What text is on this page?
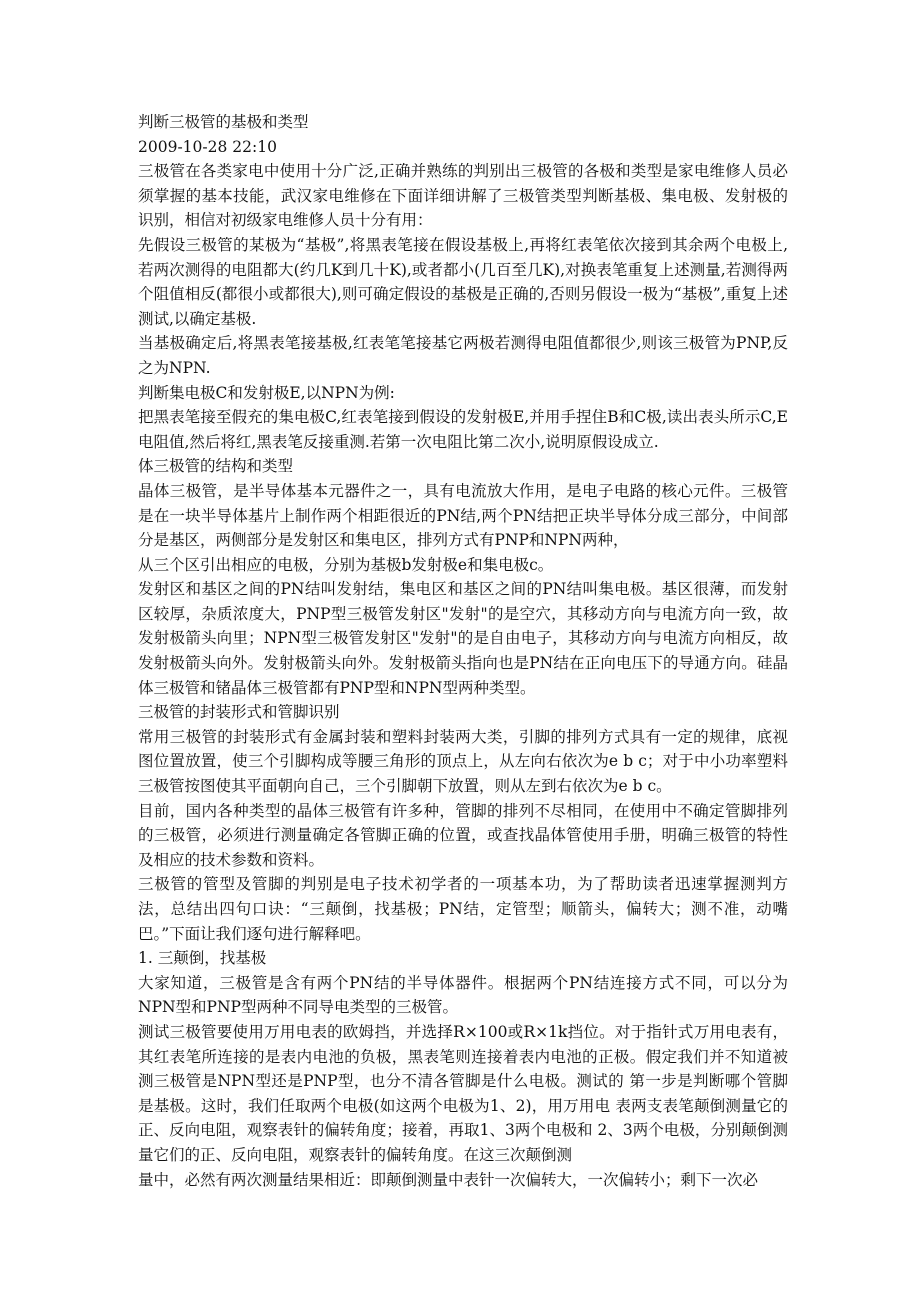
判断三极管的基极和类型

2009-10-28 22:10

三极管在各类家电中使用十分广泛,正确并熟练的判别出三极管的各极和类型是家电维修人员必须掌握的基本技能，武汉家电维修在下面详细讲解了三极管类型判断基极、集电极、发射极的识别，相信对初级家电维修人员十分有用：

先假设三极管的某极为“基极”,将黑表笔接在假设基极上,再将红表笔依次接到其余两个电极上,若两次测得的电阻都大(约几K到几十K),或者都小(几百至几K),对换表笔重复上述测量,若测得两个阻值相反(都很小或都很大),则可确定假设的基极是正确的,否则另假设一极为“基极”,重复上述测试,以确定基极.

当基极确定后,将黑表笔接基极,红表笔笔接基它两极若测得电阻值都很少,则该三极管为PNP,反之为NPN.

判断集电极C和发射极E,以NPN为例:

把黑表笔接至假充的集电极C,红表笔接到假设的发射极E,并用手捏住B和C极,读出表头所示C,E电阻值,然后将红,黑表笔反接重测.若第一次电阻比第二次小,说明原假设成立.

体三极管的结构和类型

晶体三极管，是半导体基本元器件之一，具有电流放大作用，是电子电路的核心元件。三极管是在一块半导体基片上制作两个相距很近的PN结,两个PN结把正块半导体分成三部分，中间部分是基区，两侧部分是发射区和集电区，排列方式有PNP和NPN两种，

从三个区引出相应的电极，分别为基极b发射极e和集电极c。

发射区和基区之间的PN结叫发射结，集电区和基区之间的PN结叫集电极。基区很薄，而发射区较厚，杂质浓度大，PNP型三极管发射区"发射"的是空穴，其移动方向与电流方向一致，故发射极箭头向里；NPN型三极管发射区"发射"的是自由电子，其移动方向与电流方向相反，故发射极箭头向外。发射极箭头向外。发射极箭头指向也是PN结在正向电压下的导通方向。硅晶体三极管和锗晶体三极管都有PNP型和NPN型两种类型。

三极管的封装形式和管脚识别

常用三极管的封装形式有金属封装和塑料封装两大类，引脚的排列方式具有一定的规律，底视图位置放置，使三个引脚构成等腰三角形的顶点上，从左向右依次为e b c；对于中小功率塑料三极管按图使其平面朝向自己，三个引脚朝下放置，则从左到右依次为e b c。

目前，国内各种类型的晶体三极管有许多种，管脚的排列不尽相同，在使用中不确定管脚排列的三极管，必须进行测量确定各管脚正确的位置，或查找晶体管使用手册，明确三极管的特性及相应的技术参数和资料。

三极管的管型及管脚的判别是电子技术初学者的一项基本功，为了帮助读者迅速掌握测判方法，总结出四句口诀：“三颠倒，找基极；PN结，定管型；顺箭头，偏转大；测不准，动嘴巴。”下面让我们逐句进行解释吧。

1. 三颠倒，找基极

大家知道，三极管是含有两个PN结的半导体器件。根据两个PN结连接方式不同，可以分为NPN型和PNP型两种不同导电类型的三极管。

测试三极管要使用万用电表的欧姆挡，并选择R×100或R×1k挡位。对于指针式万用电表有，其红表笔所连接的是表内电池的负极，黑表笔则连接着表内电池的正极。假定我们并不知道被测三极管是NPN型还是PNP型，也分不清各管脚是什么电极。测试的 第一步是判断哪个管脚是基极。这时，我们任取两个电极(如这两个电极为1、2)，用万用电 表两支表笔颠倒测量它的正、反向电阻，观察表针的偏转角度；接着，再取1、3两个电极和 2、3两个电极，分别颠倒测量它们的正、反向电阻，观察表针的偏转角度。在这三次颠倒测

量中，必然有两次测量结果相近：即颠倒测量中表针一次偏转大，一次偏转小；剩下一次必
